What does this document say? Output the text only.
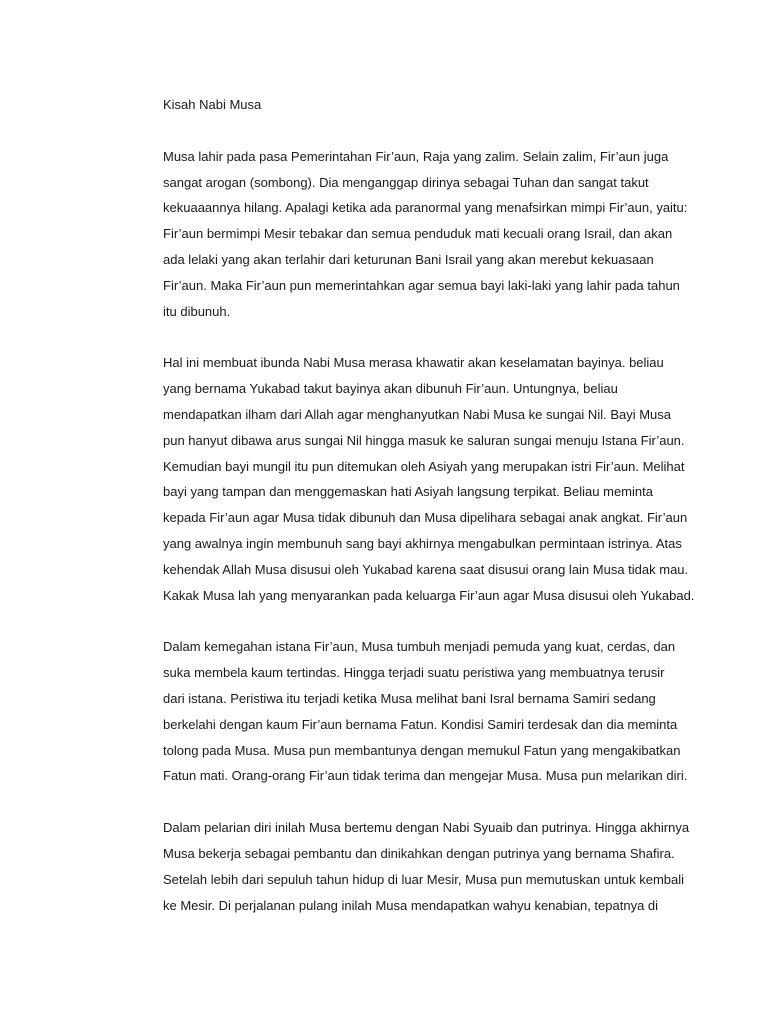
Kisah Nabi Musa
Musa lahir pada pasa Pemerintahan Fir’aun, Raja yang zalim. Selain zalim, Fir’aun juga
sangat arogan (sombong). Dia menganggap dirinya sebagai Tuhan dan sangat takut
kekuaaannya hilang. Apalagi ketika ada paranormal yang menafsirkan mimpi Fir’aun, yaitu:
Fir’aun bermimpi Mesir tebakar dan semua penduduk mati kecuali orang Israil, dan akan
ada lelaki yang akan terlahir dari keturunan Bani Israil yang akan merebut kekuasaan
Fir’aun. Maka Fir’aun pun memerintahkan agar semua bayi laki-laki yang lahir pada tahun
itu dibunuh.
Hal ini membuat ibunda Nabi Musa merasa khawatir akan keselamatan bayinya. beliau
yang bernama Yukabad takut bayinya akan dibunuh Fir’aun. Untungnya, beliau
mendapatkan ilham dari Allah agar menghanyutkan Nabi Musa ke sungai Nil. Bayi Musa
pun hanyut dibawa arus sungai Nil hingga masuk ke saluran sungai menuju Istana Fir’aun.
Kemudian bayi mungil itu pun ditemukan oleh Asiyah yang merupakan istri Fir’aun. Melihat
bayi yang tampan dan menggemaskan hati Asiyah langsung terpikat. Beliau meminta
kepada Fir’aun agar Musa tidak dibunuh dan Musa dipelihara sebagai anak angkat. Fir’aun
yang awalnya ingin membunuh sang bayi akhirnya mengabulkan permintaan istrinya. Atas
kehendak Allah Musa disusui oleh Yukabad karena saat disusui orang lain Musa tidak mau.
Kakak Musa lah yang menyarankan pada keluarga Fir’aun agar Musa disusui oleh Yukabad.
Dalam kemegahan istana Fir’aun, Musa tumbuh menjadi pemuda yang kuat, cerdas, dan
suka membela kaum tertindas. Hingga terjadi suatu peristiwa yang membuatnya terusir
dari istana. Peristiwa itu terjadi ketika Musa melihat bani Isral bernama Samiri sedang
berkelahi dengan kaum Fir’aun bernama Fatun. Kondisi Samiri terdesak dan dia meminta
tolong pada Musa. Musa pun membantunya dengan memukul Fatun yang mengakibatkan
Fatun mati. Orang-orang Fir’aun tidak terima dan mengejar Musa. Musa pun melarikan diri.
Dalam pelarian diri inilah Musa bertemu dengan Nabi Syuaib dan putrinya. Hingga akhirnya
Musa bekerja sebagai pembantu dan dinikahkan dengan putrinya yang bernama Shafira.
Setelah lebih dari sepuluh tahun hidup di luar Mesir, Musa pun memutuskan untuk kembali
ke Mesir. Di perjalanan pulang inilah Musa mendapatkan wahyu kenabian, tepatnya di
